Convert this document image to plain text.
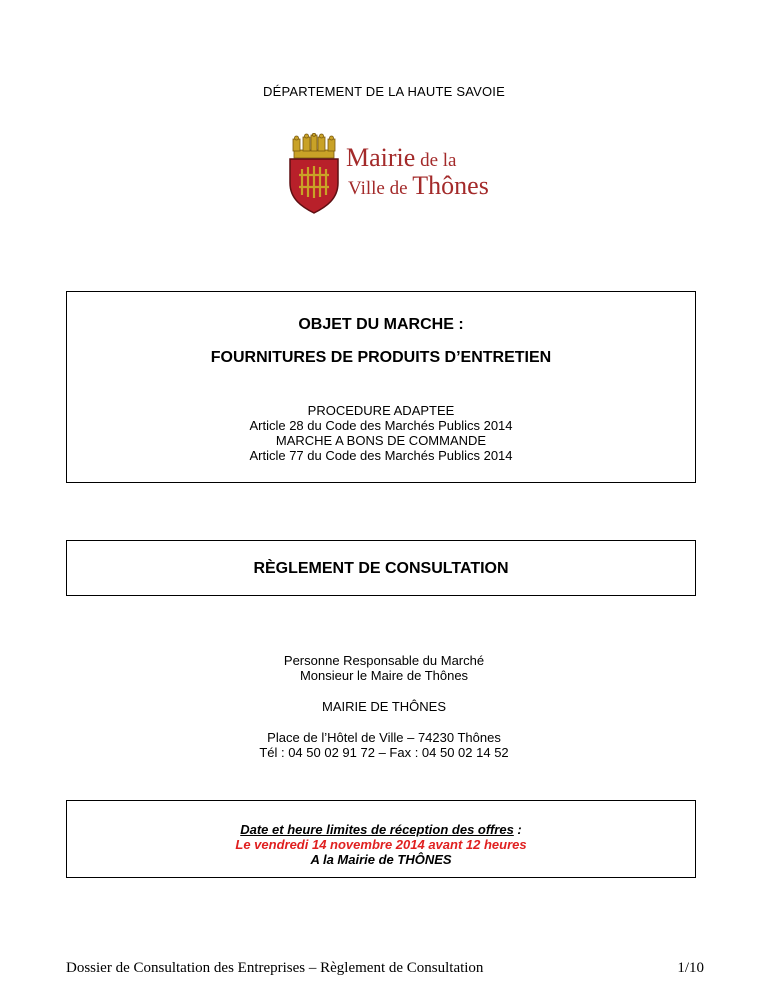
DÉPARTEMENT DE LA HAUTE SAVOIE
Mairie de la
Ville de Thônes
OBJET DU MARCHE :
FOURNITURES DE PRODUITS D’ENTRETIEN
PROCEDURE ADAPTEE
Article 28 du Code des Marchés Publics 2014
MARCHE A BONS DE COMMANDE
Article 77 du Code des Marchés Publics 2014
RÈGLEMENT DE CONSULTATION
Personne Responsable du Marché
Monsieur le Maire de Thônes
MAIRIE DE THÔNES
Place de l’Hôtel de Ville – 74230 Thônes
Tél : 04 50 02 91 72 – Fax : 04 50 02 14 52
Date et heure limites de réception des offres :
Le vendredi 14 novembre 2014 avant 12 heures
A la Mairie de THÔNES
Dossier de Consultation des Entreprises – Règlement de Consultation	1/10
